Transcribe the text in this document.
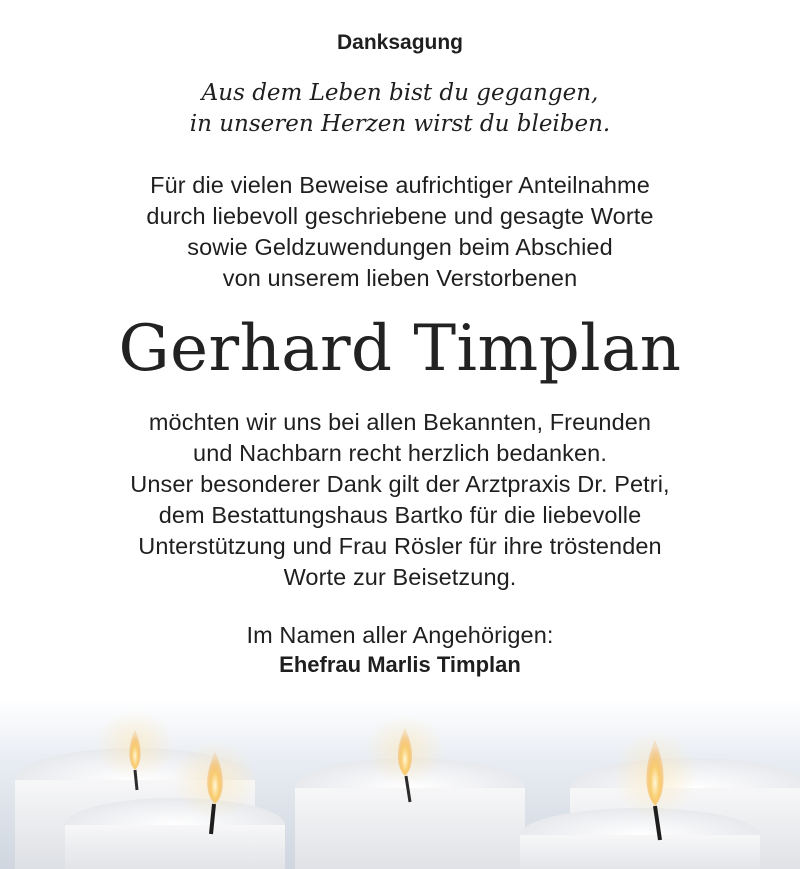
Danksagung
Aus dem Leben bist du gegangen,
in unseren Herzen wirst du bleiben.
Für die vielen Beweise aufrichtiger Anteilnahme
durch liebevoll geschriebene und gesagte Worte
sowie Geldzuwendungen beim Abschied
von unserem lieben Verstorbenen
Gerhard Timplan
möchten wir uns bei allen Bekannten, Freunden
und Nachbarn recht herzlich bedanken.
Unser besonderer Dank gilt der Arztpraxis Dr. Petri,
dem Bestattungshaus Bartko für die liebevolle
Unterstützung und Frau Rösler für ihre tröstenden
Worte zur Beisetzung.
Im Namen aller Angehörigen:
Ehefrau Marlis Timplan
